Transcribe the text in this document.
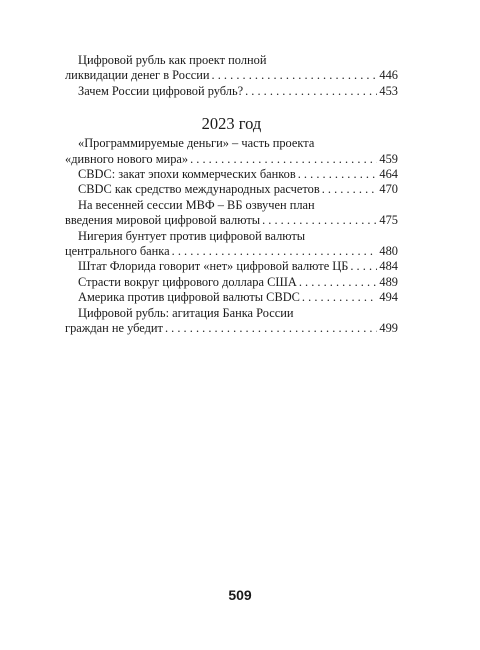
Цифровой рубль как проект полной
ликвидации денег в России . . .	446
Зачем России цифровой рубль? . . .	453
2023 год
«Программируемые деньги» – часть проекта
«дивного нового мира» . . .	459
CBDC: закат эпохи коммерческих банков . . .	464
CBDC как средство международных расчетов . . .	470
На весенней сессии МВФ – ВБ озвучен план
введения мировой цифровой валюты . . .	475
Нигерия бунтует против цифровой валюты
центрального банка . . .	480
Штат Флорида говорит «нет» цифровой валюте ЦБ . . .	484
Страсти вокруг цифрового доллара США . . .	489
Америка против цифровой валюты CBDC . . .	494
Цифровой рубль: агитация Банка России
граждан не убедит . . .	499
509
